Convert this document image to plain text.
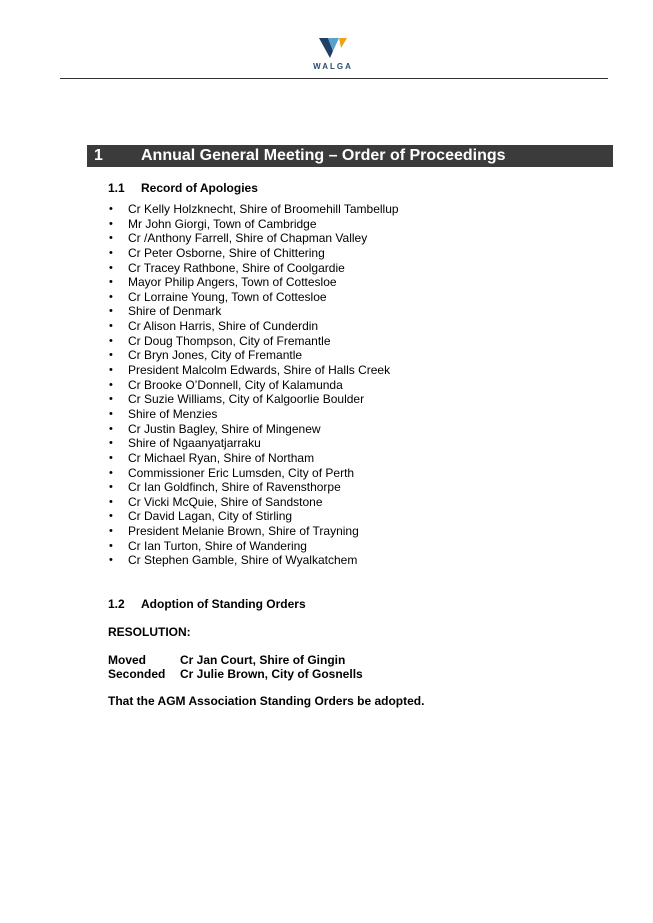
WALGA
1 Annual General Meeting – Order of Proceedings
1.1 Record of Apologies
• Cr Kelly Holzknecht, Shire of Broomehill Tambellup
• Mr John Giorgi, Town of Cambridge
• Cr /Anthony Farrell, Shire of Chapman Valley
• Cr Peter Osborne, Shire of Chittering
• Cr Tracey Rathbone, Shire of Coolgardie
• Mayor Philip Angers, Town of Cottesloe
• Cr Lorraine Young, Town of Cottesloe
• Shire of Denmark
• Cr Alison Harris, Shire of Cunderdin
• Cr Doug Thompson, City of Fremantle
• Cr Bryn Jones, City of Fremantle
• President Malcolm Edwards, Shire of Halls Creek
• Cr Brooke O’Donnell, City of Kalamunda
• Cr Suzie Williams, City of Kalgoorlie Boulder
• Shire of Menzies
• Cr Justin Bagley, Shire of Mingenew
• Shire of Ngaanyatjarraku
• Cr Michael Ryan, Shire of Northam
• Commissioner Eric Lumsden, City of Perth
• Cr Ian Goldfinch, Shire of Ravensthorpe
• Cr Vicki McQuie, Shire of Sandstone
• Cr David Lagan, City of Stirling
• President Melanie Brown, Shire of Trayning
• Cr Ian Turton, Shire of Wandering
• Cr Stephen Gamble, Shire of Wyalkatchem
1.2 Adoption of Standing Orders
RESOLUTION:
Moved	Cr Jan Court, Shire of Gingin
Seconded Cr Julie Brown, City of Gosnells
That the AGM Association Standing Orders be adopted.
